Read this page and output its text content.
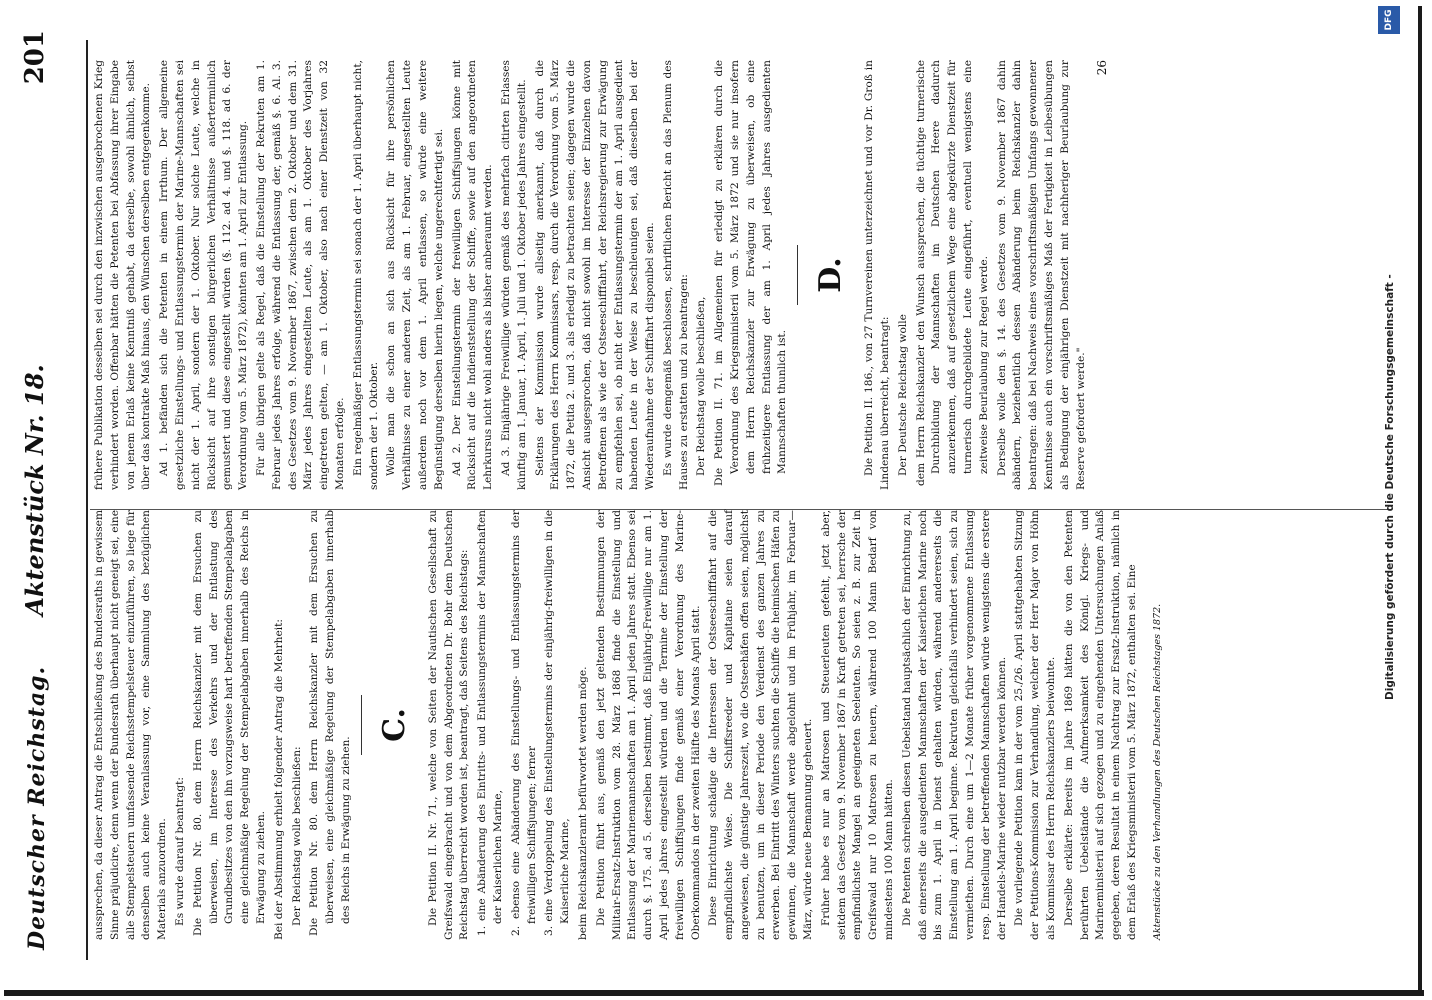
Deutscher Reichstag.
Aktenstück Nr. 18.
201

aussprechen, da dieser Antrag die Entschließung des Bundesraths in gewissem Sinne präjudicire, denn wenn der Bundesrath überhaupt nicht geneigt sei, eine alle Stempelsteuern umfassende Reichsstempelsteuer einzuführen, so liege für denselben auch keine Veranlassung vor, eine Sammlung des bezüglichen Materials anzuordnen. Es wurde darauf beantragt: Die Petition Nr. 80. dem Herrn Reichskanzler mit dem Ersuchen zu überweisen, im Interesse des Verkehrs und der Entlastung des Grundbesitzes von den ihn vorzugsweise hart betreffenden Stempelabgaben eine gleichmäßige Regelung der Stempelabgaben innerhalb des Reichs in Erwägung zu ziehen. Bei der Abstimmung erhielt folgender Antrag die Mehrheit: Der Reichstag wolle beschließen: Die Petition Nr. 80. dem Herrn Reichskanzler mit dem Ersuchen zu überweisen, eine gleichmäßige Regelung der Stempelabgaben innerhalb des Reichs in Erwägung zu ziehen.

C. Die Petition II. Nr. 71., welche von Seiten der Nautischen Gesellschaft zu Greifswald eingebracht und von dem Abgeordneten Dr. Bohr dem Deutschen Reichstag überreicht worden ist, beantragt, daß Seitens des Reichstags: 1. eine Abänderung des Eintritts- und Entlassungstermins der Mannschaften der Kaiserlichen Marine, 2. ebenso eine Abänderung des Einstellungs- und Entlassungstermins der freiwilligen Schiffsjungen; ferner 3. eine Verdoppelung des Einstellungstermins der einjährig-freiwilligen in die Kaiserliche Marine, beim Reichskanzleramt befürwortet werden möge. Die Petition führt aus, gemäß den jetzt geltenden Bestimmungen der Militair-Ersatz-Instruktion vom 28. März 1868 finde die Einstellung und Entlassung der Marinemannschaften am 1. April jeden Jahres statt. Ebenso sei durch §. 175. ad 5. derselben bestimmt, daß Einjährig-Freiwillige nur am 1. April jedes Jahres eingestellt würden und die Termine der Einstellung der freiwilligen Schiffsjungen finde gemäß einer Verordnung des Marine-Oberkommandos in der zweiten Hälfte des Monats April statt. Diese Einrichtung schädige die Interessen der Ostseeschifffahrt auf die empfindlichste Weise. Die Schiffsreeder und Kapitaine seien darauf angewiesen, die günstige Jahreszeit, wo die Ostseehäfen offen seien, möglichst zu benutzen, um in dieser Periode den Verdienst des ganzen Jahres zu erwerben. Bei Eintritt des Winters suchten die Schiffe die heimischen Häfen zu gewinnen, die Mannschaft werde abgelohnt und im Frühjahr, im Februar—März, würde neue Bemannung geheuert. Früher habe es nur an Matrosen und Steuerleuten gefehlt, jetzt aber, seitdem das Gesetz vom 9. November 1867 in Kraft getreten sei, herrsche der empfindlichste Mangel an geeigneten Seeleuten. So seien z. B. zur Zeit in Greifswald nur 10 Matrosen zu heuern, während 100 Mann Bedarf von mindestens 100 Mann hätten. Die Petenten schreiben diesen Uebelstand hauptsächlich der Einrichtung zu, daß einerseits die ausgedienten Mannschaften der Kaiserlichen Marine noch bis zum 1. April in Dienst gehalten würden, während andererseits die Einstellung am 1. April beginne. Rekruten gleichfalls verhindert seien, sich zu vermiethen. Durch eine um 1—2 Monate früher vorgenommene Entlassung resp. Einstellung der betreffenden Mannschaften würde wenigstens die erstere der Handels-Marine wieder nutzbar werden können. Die vorliegende Petition kam in der vom 25./26. April stattgehabten Sitzung der Petitions-Kommission zur Verhandlung, welcher der Herr Major von Höhn als Kommissar des Herrn Reichskanzlers beiwohnte. Derselbe erklärte: Bereits im Jahre 1869 hätten die von den Petenten berührten Uebelstände die Aufmerksamkeit des Königl. Kriegs- und Marineministerii auf sich gezogen und zu eingehenden Untersuchungen Anlaß gegeben, deren Resultat in einem Nachtrag zur Ersatz-Instruktion, nämlich in dem Erlaß des Kriegsministerii vom 5. März 1872, enthalten sei. Eine Aktenstücke zu den Verhandlungen des Deutschen Reichstages 1872.

frühere Publikation desselben sei durch den inzwischen ausgebrochenen Krieg verhindert worden. Offenbar hätten die Petenten bei Abfassung ihrer Eingabe von jenem Erlaß keine Kenntniß gehabt, da derselbe, sowohl ähnlich, selbst über das kontrakte Maß hinaus, den Wünschen derselben entgegenkomme. Ad 1. befänden sich die Petenten in einem Irrthum. Der allgemeine gesetzliche Einstellungs- und Entlassungstermin der Marine-Mannschaften sei nicht der 1. April, sondern der 1. Oktober. Nur solche Leute, welche in Rücksicht auf ihre sonstigen bürgerlichen Verhältnisse außerterminlich gemustert und diese eingestellt würden (§. 112. ad 4. und §. 118. ad 6. der Verordnung vom 5. März 1872), könnten am 1. April zur Entlassung. Für alle übrigen gelte als Regel, daß die Einstellung der Rekruten am 1. Februar jedes Jahres erfolge, während die Entlassung der, gemäß §. 6. Al. 3. des Gesetzes vom 9. November 1867, zwischen dem 2. Oktober und dem 31. März jedes Jahres eingestellten Leute, als am 1. Oktober des Vorjahres eingetreten gelten, — am 1. Oktober, also nach einer Dienstzeit von 32 Monaten erfolge. Ein regelmäßiger Entlassungstermin sei sonach der 1. April überhaupt nicht, sondern der 1. Oktober. Wolle man die schon an sich aus Rücksicht für ihre persönlichen Verhältnisse zu einer anderen Zeit, als am 1. Februar, eingestellten Leute außerdem noch vor dem 1. April entlassen, so würde eine weitere Begünstigung derselben hierin liegen, welche ungerechtfertigt sei. Ad 2. Der Einstellungstermin der freiwilligen Schiffsjungen könne mit Rücksicht auf die Indienststellung der Schiffe, sowie auf den angeordneten Lehrkursus nicht wohl anders als bisher anberaumt werden. Ad 3. Einjährige Freiwillige würden gemäß des mehrfach citirten Erlasses künftig am 1. Januar, 1. April, 1. Juli und 1. Oktober jedes Jahres eingestellt. Seitens der Kommission wurde allseitig anerkannt, daß durch die Erklärungen des Herrn Kommissars, resp. durch die Verordnung vom 5. März 1872, die Petita 2. und 3. als erledigt zu betrachten seien; dagegen wurde die Ansicht ausgesprochen, daß nicht sowohl im Interesse der Einzelnen davon Betroffenen als wie der Ostseeschifffahrt, der Reichsregierung zur Erwägung zu empfehlen sei, ob nicht der Entlassungstermin der am 1. April ausgedient habenden Leute in der Weise zu beschleunigen sei, daß dieselben bei der Wiederaufnahme der Schifffahrt disponibel seien. Es wurde demgemäß beschlossen, schriftlichen Bericht an das Plenum des Hauses zu erstatten und zu beantragen: Der Reichstag wolle beschließen, Die Petition II. 71. im Allgemeinen für erledigt zu erklären durch die Verordnung des Kriegsministerii vom 5. März 1872 und sie nur insofern dem Herrn Reichskanzler zur Erwägung zu überweisen, ob eine frühzeitigere Entlassung der am 1. April jedes Jahres ausgedienten Mannschaften thunlich ist.

D. Die Petition II. 186., von 27 Turnvereinen unterzeichnet und vor Dr. Groß in Lindenau überreicht, beantragt: Der Deutsche Reichstag wolle dem Herrn Reichskanzler den Wunsch aussprechen, die tüchtige turnerische Durchbildung der Mannschaften im Deutschen Heere dadurch anzuerkennen, daß auf gesetzlichem Wege eine abgekürzte Dienstzeit für turnerisch durchgebildete Leute eingeführt, eventuell wenigstens eine zeitweise Beurlaubung zur Regel werde. Derselbe wolle den §. 14. des Gesetzes vom 9. November 1867 dahin abändern, beziehentlich dessen Abänderung beim Reichskanzler dahin beantragen: daß bei Nachweis eines vorschriftsmäßigen Umfangs gewonnener Kenntnisse auch ein vorschriftsmäßiges Maß der Fertigkeit in Leibesübungen als Bedingung der einjährigen Dienstzeit mit nachheriger Beurlaubung zur Reserve gefordert werde."

26
Digitalisierung gefördert durch die Deutsche Forschungsgemeinschaft -
DFG
